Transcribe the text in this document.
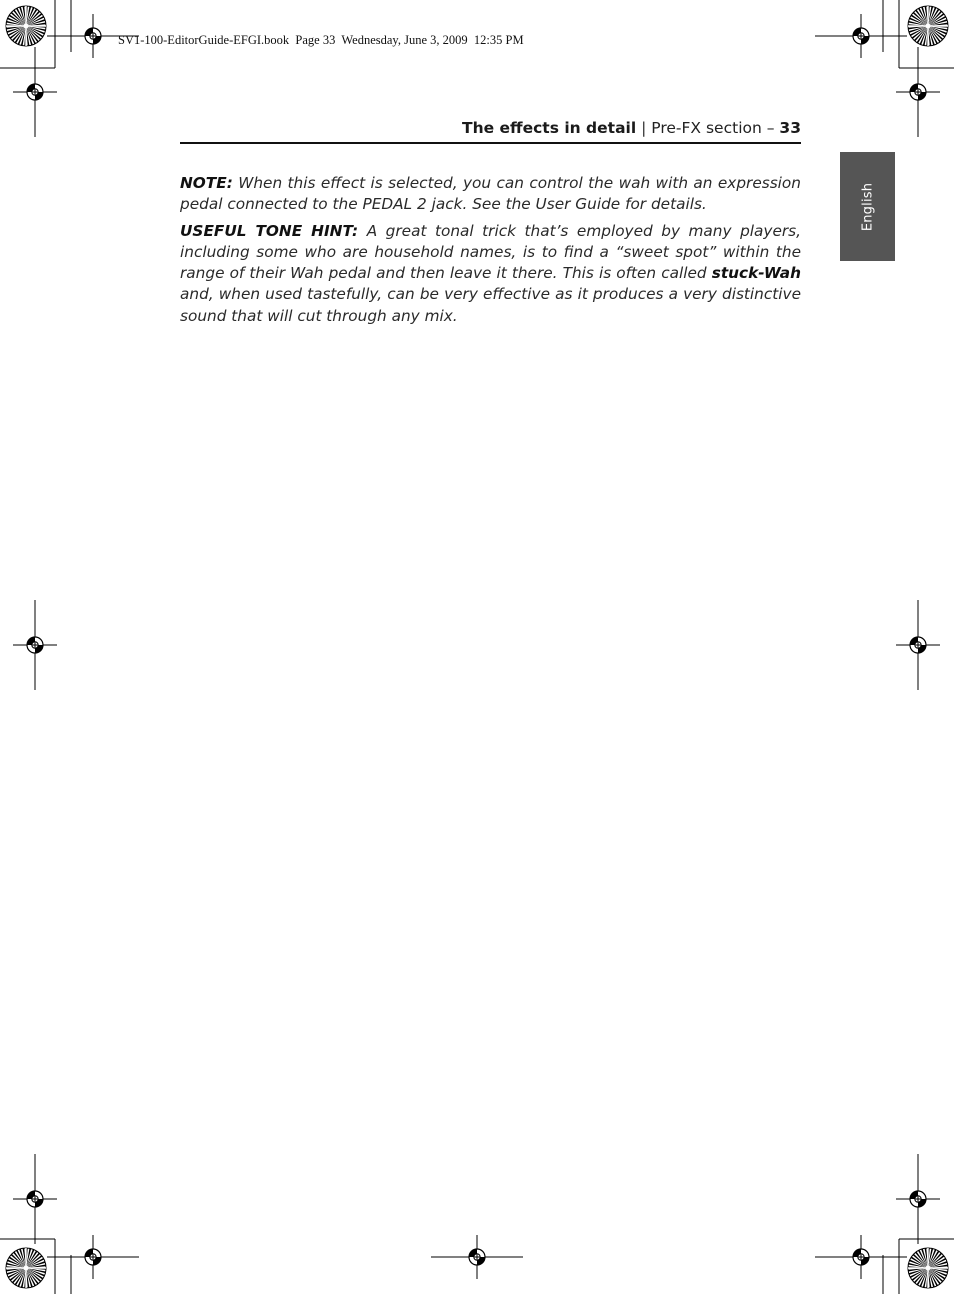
SV1-100-EditorGuide-EFGI.book  Page 33  Wednesday, June 3, 2009  12:35 PM
The effects in detail | Pre-FX section – 33
English

NOTE: When this effect is selected, you can control the wah with an expression pedal connected to the PEDAL 2 jack. See the User Guide for details.

USEFUL TONE HINT: A great tonal trick that’s employed by many players, including some who are household names, is to find a “sweet spot” within the range of their Wah pedal and then leave it there. This is often called stuck-Wah and, when used tastefully, can be very effective as it produces a very distinctive sound that will cut through any mix.
